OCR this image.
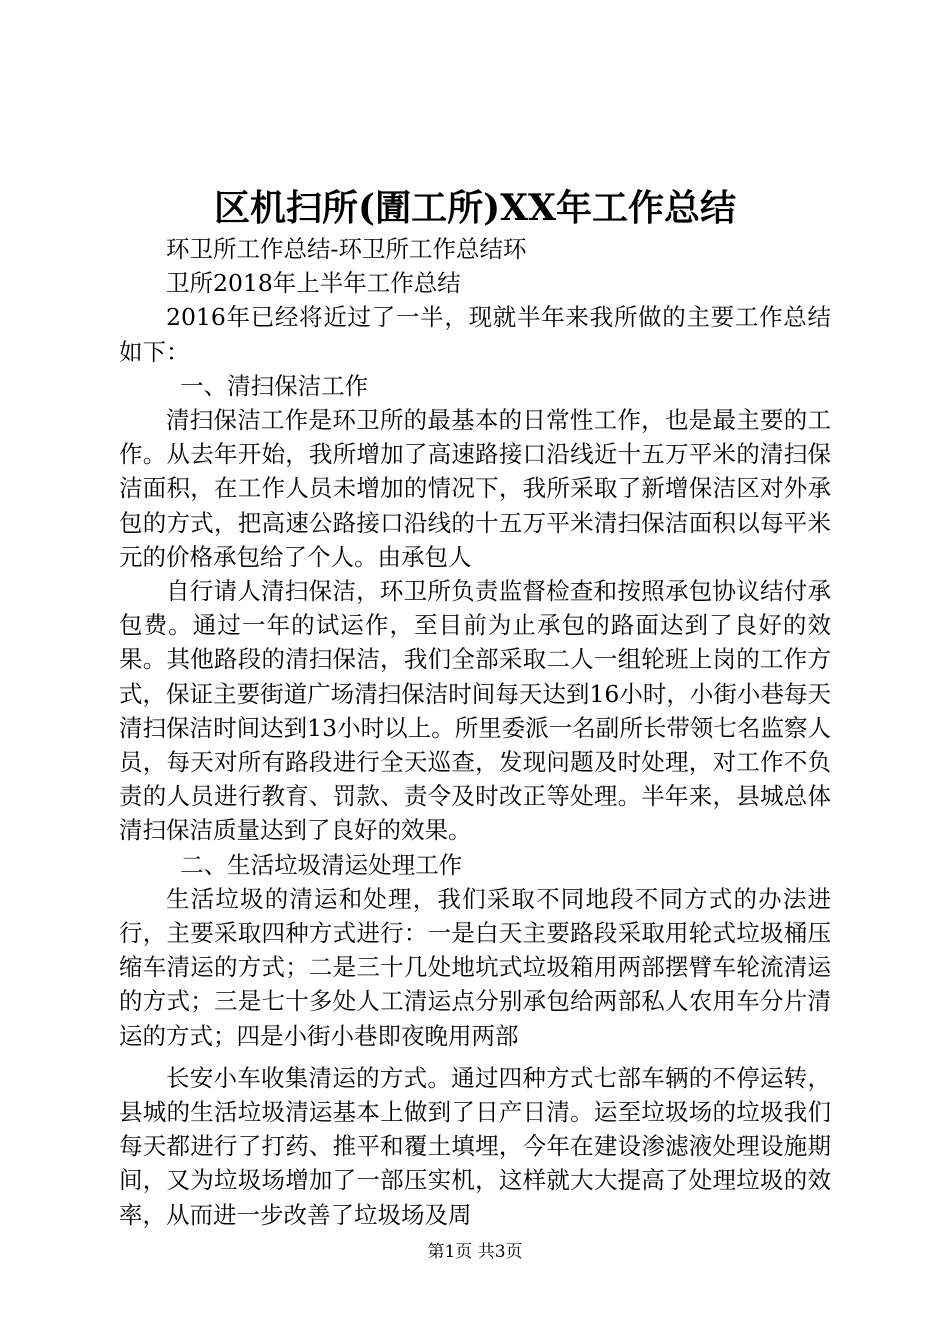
区机扫所(圊工所)XX年工作总结

环卫所工作总结-环卫所工作总结环

卫所2018年上半年工作总结

2016年已经将近过了一半，现就半年来我所做的主要工作总结如下：

一、清扫保洁工作

清扫保洁工作是环卫所的最基本的日常性工作，也是最主要的工作。从去年开始，我所增加了高速路接口沿线近十五万平米的清扫保洁面积，在工作人员未增加的情况下，我所采取了新增保洁区对外承包的方式，把高速公路接口沿线的十五万平米清扫保洁面积以每平米元的价格承包给了个人。由承包人

自行请人清扫保洁，环卫所负责监督检查和按照承包协议结付承包费。通过一年的试运作，至目前为止承包的路面达到了良好的效果。其他路段的清扫保洁，我们全部采取二人一组轮班上岗的工作方式，保证主要街道广场清扫保洁时间每天达到16小时，小街小巷每天清扫保洁时间达到13小时以上。所里委派一名副所长带领七名监察人员，每天对所有路段进行全天巡查，发现问题及时处理，对工作不负责的人员进行教育、罚款、责令及时改正等处理。半年来，县城总体清扫保洁质量达到了良好的效果。

二、生活垃圾清运处理工作

生活垃圾的清运和处理，我们采取不同地段不同方式的办法进行，主要采取四种方式进行：一是白天主要路段采取用轮式垃圾桶压缩车清运的方式；二是三十几处地坑式垃圾箱用两部摆臂车轮流清运的方式；三是七十多处人工清运点分别承包给两部私人农用车分片清运的方式；四是小街小巷即夜晚用两部

长安小车收集清运的方式。通过四种方式七部车辆的不停运转，县城的生活垃圾清运基本上做到了日产日清。运至垃圾场的垃圾我们每天都进行了打药、推平和覆土填埋，今年在建设渗滤液处理设施期间，又为垃圾场增加了一部压实机，这样就大大提高了处理垃圾的效率，从而进一步改善了垃圾场及周

第1页 共3页
